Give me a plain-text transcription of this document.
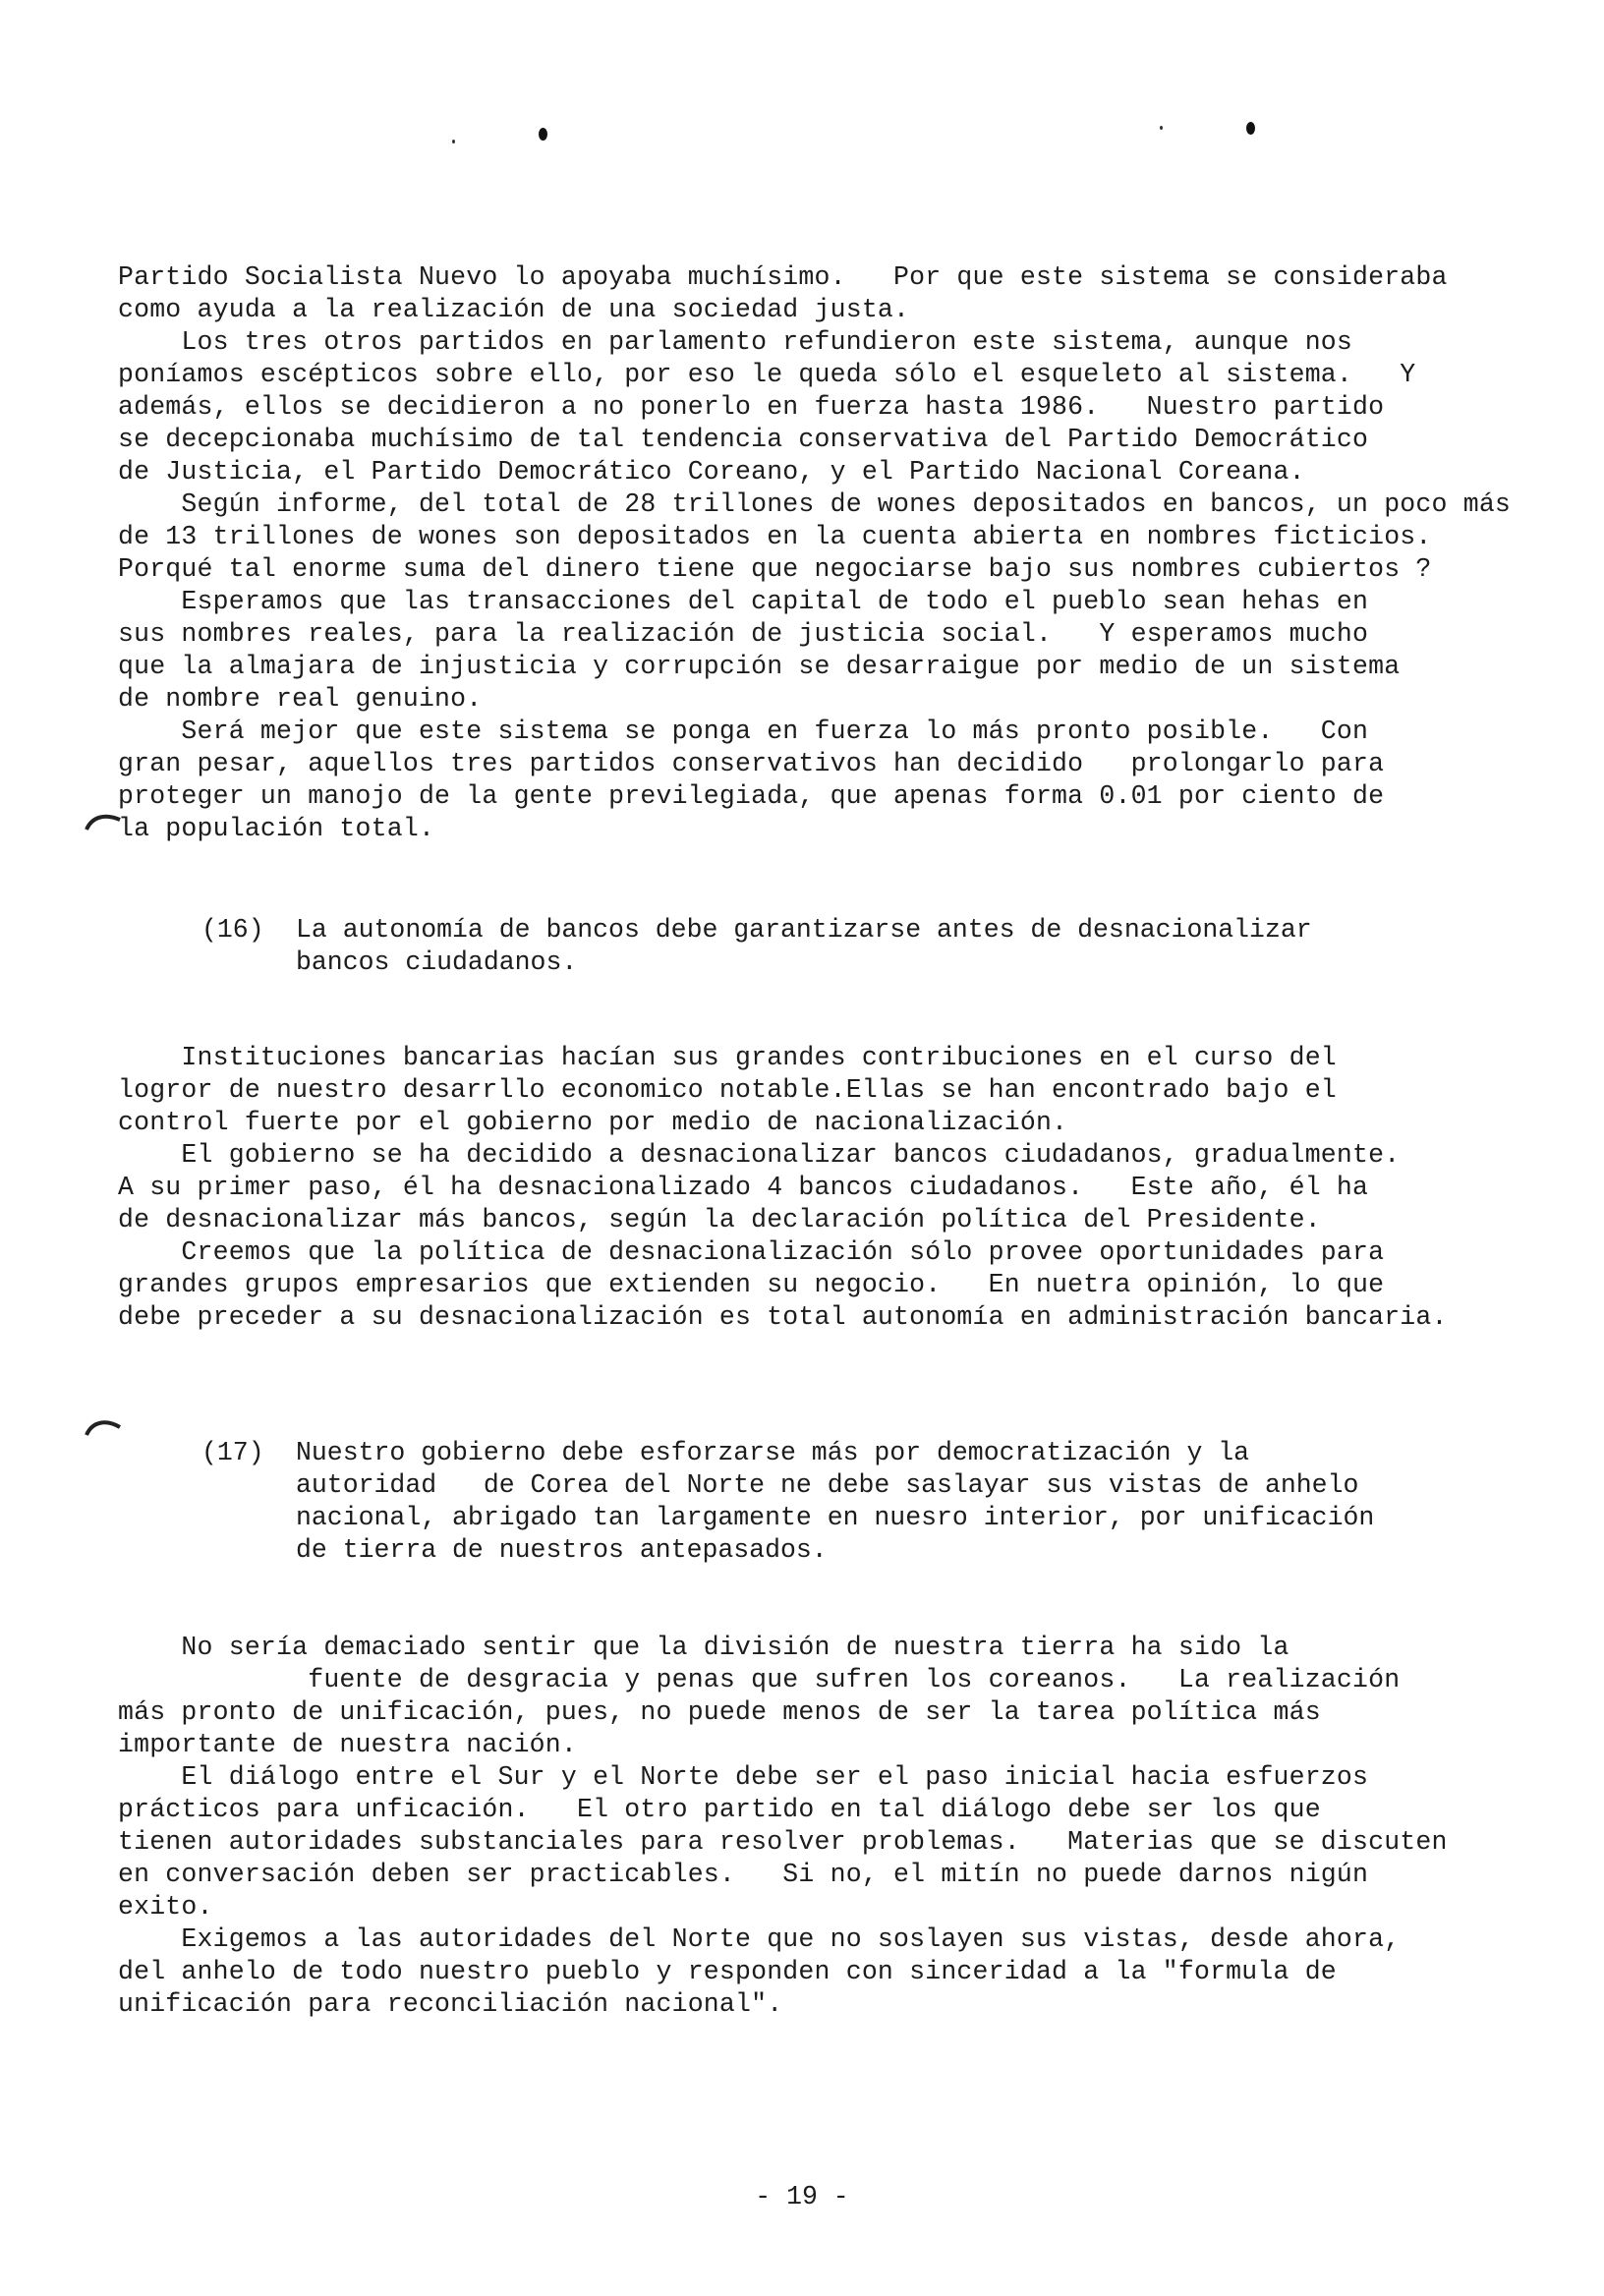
Partido Socialista Nuevo lo apoyaba muchísimo.   Por que este sistema se consideraba
como ayuda a la realización de una sociedad justa.
Los tres otros partidos en parlamento refundieron este sistema, aunque nos
poníamos escépticos sobre ello, por eso le queda sólo el esqueleto al sistema.   Y
además, ellos se decidieron a no ponerlo en fuerza hasta 1986.   Nuestro partido
se decepcionaba muchísimo de tal tendencia conservativa del Partido Democrático
de Justicia, el Partido Democrático Coreano, y el Partido Nacional Coreana.
Según informe, del total de 28 trillones de wones depositados en bancos, un poco más
de 13 trillones de wones son depositados en la cuenta abierta en nombres ficticios.
Porqué tal enorme suma del dinero tiene que negociarse bajo sus nombres cubiertos ?
Esperamos que las transacciones del capital de todo el pueblo sean hehas en
sus nombres reales, para la realización de justicia social.   Y esperamos mucho
que la almajara de injusticia y corrupción se desarraigue por medio de un sistema
de nombre real genuino.
Será mejor que este sistema se ponga en fuerza lo más pronto posible.   Con
gran pesar, aquellos tres partidos conservativos han decidido   prolongarlo para
proteger un manojo de la gente previlegiada, que apenas forma 0.01 por ciento de
la populación total.

(16)

La autonomía de bancos debe garantizarse antes de desnacionalizar
bancos ciudadanos.

Instituciones bancarias hacían sus grandes contribuciones en el curso del
logror de nuestro desarrllo economico notable.Ellas se han encontrado bajo el
control fuerte por el gobierno por medio de nacionalización.
El gobierno se ha decidido a desnacionalizar bancos ciudadanos, gradualmente.
A su primer paso, él ha desnacionalizado 4 bancos ciudadanos.   Este año, él ha
de desnacionalizar más bancos, según la declaración política del Presidente.
Creemos que la política de desnacionalización sólo provee oportunidades para
grandes grupos empresarios que extienden su negocio.   En nuetra opinión, lo que
debe preceder a su desnacionalización es total autonomía en administración bancaria.

(17)

Nuestro gobierno debe esforzarse más por democratización y la
autoridad   de Corea del Norte ne debe saslayar sus vistas de anhelo
nacional, abrigado tan largamente en nuesro interior, por unificación
de tierra de nuestros antepasados.

No sería demaciado sentir que la división de nuestra tierra ha sido la
fuente de desgracia y penas que sufren los coreanos.   La realización
más pronto de unificación, pues, no puede menos de ser la tarea política más
importante de nuestra nación.
El diálogo entre el Sur y el Norte debe ser el paso inicial hacia esfuerzos
prácticos para unficación.   El otro partido en tal diálogo debe ser los que
tienen autoridades substanciales para resolver problemas.   Materias que se discuten
en conversación deben ser practicables.   Si no, el mitín no puede darnos nigún
exito.
Exigemos a las autoridades del Norte que no soslayen sus vistas, desde ahora,
del anhelo de todo nuestro pueblo y responden con sinceridad a la "formula de
unificación para reconciliación nacional".
- 19 -
